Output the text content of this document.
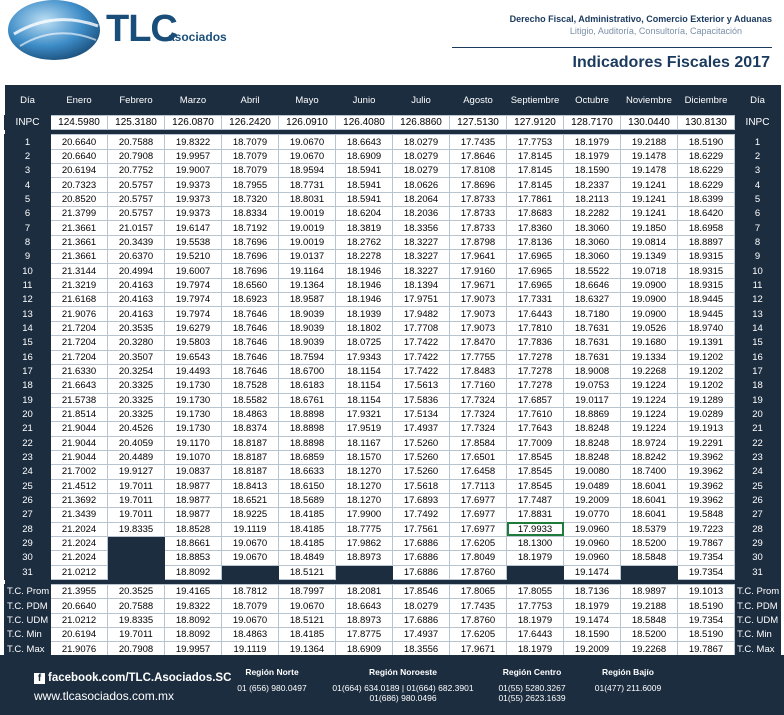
TLC
asociados
Derecho Fiscal, Administrativo, Comercio Exterior y Aduanas
Litigio, Auditoría, Consultoría, Capacitación
Indicadores Fiscales 2017
Día	Enero	Febrero	Marzo	Abril	Mayo	Junio	Julio	Agosto	Septiembre	Octubre	Noviembre	Diciembre	Día
INPC	124.5980	125.3180	126.0870	126.2420	126.0910	126.4080	126.8860	127.5130	127.9120	128.7170	130.0440	130.8130	INPC

1	20.6640	20.7588	19.8322	18.7079	19.0670	18.6643	18.0279	17.7435	17.7753	18.1979	19.2188	18.5190	1
2	20.6640	20.7908	19.9957	18.7079	19.0670	18.6909	18.0279	17.8646	17.8145	18.1979	19.1478	18.6229	2
3	20.6194	20.7752	19.9007	18.7079	18.9594	18.5941	18.0279	17.8108	17.8145	18.1590	19.1478	18.6229	3
4	20.7323	20.5757	19.9373	18.7955	18.7731	18.5941	18.0626	17.8696	17.8145	18.2337	19.1241	18.6229	4
5	20.8520	20.5757	19.9373	18.7320	18.8031	18.5941	18.2064	17.8733	17.7861	18.2113	19.1241	18.6399	5
6	21.3799	20.5757	19.9373	18.8334	19.0019	18.6204	18.2036	17.8733	17.8683	18.2282	19.1241	18.6420	6
7	21.3661	21.0157	19.6147	18.7192	19.0019	18.3819	18.3356	17.8733	17.8360	18.3060	19.1850	18.6958	7
8	21.3661	20.3439	19.5538	18.7696	19.0019	18.2762	18.3227	17.8798	17.8136	18.3060	19.0814	18.8897	8
9	21.3661	20.6370	19.5210	18.7696	19.0137	18.2278	18.3227	17.9641	17.6965	18.3060	19.1349	18.9315	9
10	21.3144	20.4994	19.6007	18.7696	19.1164	18.1946	18.3227	17.9160	17.6965	18.5522	19.0718	18.9315	10
11	21.3219	20.4163	19.7974	18.6560	19.1364	18.1946	18.1394	17.9671	17.6965	18.6646	19.0900	18.9315	11
12	21.6168	20.4163	19.7974	18.6923	18.9587	18.1946	17.9751	17.9073	17.7331	18.6327	19.0900	18.9445	12
13	21.9076	20.4163	19.7974	18.7646	18.9039	18.1939	17.9482	17.9073	17.6443	18.7180	19.0900	18.9445	13
14	21.7204	20.3535	19.6279	18.7646	18.9039	18.1802	17.7708	17.9073	17.7810	18.7631	19.0526	18.9740	14
15	21.7204	20.3280	19.5803	18.7646	18.9039	18.0725	17.7422	17.8470	17.7836	18.7631	19.1680	19.1391	15
16	21.7204	20.3507	19.6543	18.7646	18.7594	17.9343	17.7422	17.7755	17.7278	18.7631	19.1334	19.1202	16
17	21.6330	20.3254	19.4493	18.7646	18.6700	18.1154	17.7422	17.8483	17.7278	18.9008	19.2268	19.1202	17
18	21.6643	20.3325	19.1730	18.7528	18.6183	18.1154	17.5613	17.7160	17.7278	19.0753	19.1224	19.1202	18
19	21.5738	20.3325	19.1730	18.5582	18.6761	18.1154	17.5836	17.7324	17.6857	19.0117	19.1224	19.1289	19
20	21.8514	20.3325	19.1730	18.4863	18.8898	17.9321	17.5134	17.7324	17.7610	18.8869	19.1224	19.0289	20
21	21.9044	20.4526	19.1730	18.8374	18.8898	17.9519	17.4937	17.7324	17.7643	18.8248	19.1224	19.1913	21
22	21.9044	20.4059	19.1170	18.8187	18.8898	18.1167	17.5260	17.8584	17.7009	18.8248	18.9724	19.2291	22
23	21.9044	20.4489	19.1070	18.8187	18.6859	18.1570	17.5260	17.6501	17.8545	18.8248	18.8242	19.3962	23
24	21.7002	19.9127	19.0837	18.8187	18.6633	18.1270	17.5260	17.6458	17.8545	19.0080	18.7400	19.3962	24
25	21.4512	19.7011	18.9877	18.8413	18.6150	18.1270	17.5618	17.7113	17.8545	19.0489	18.6041	19.3962	25
26	21.3692	19.7011	18.9877	18.6521	18.5689	18.1270	17.6893	17.6977	17.7487	19.2009	18.6041	19.3962	26
27	21.3439	19.7011	18.9877	18.9225	18.4185	17.9900	17.7492	17.6977	17.8831	19.0770	18.6041	19.5848	27
28	21.2024	19.8335	18.8528	19.1119	18.4185	18.7775	17.7561	17.6977	17.9933	19.0960	18.5379	19.7223	28
29	21.2024		18.8661	19.0670	18.4185	17.9862	17.6886	17.6205	18.1300	19.0960	18.5200	19.7867	29
30	21.2024		18.8853	19.0670	18.4849	18.8973	17.6886	17.8049	18.1979	19.0960	18.5848	19.7354	30
31	21.0212		18.8092		18.5121		17.6886	17.8760		19.1474		19.7354	31

T.C. Prom	21.3955	20.3525	19.4165	18.7812	18.7997	18.2081	17.8546	17.8065	17.8055	18.7136	18.9897	19.1013	T.C. Prom
T.C. PDM	20.6640	20.7588	19.8322	18.7079	19.0670	18.6643	18.0279	17.7435	17.7753	18.1979	19.2188	18.5190	T.C. PDM
T.C. UDM	21.0212	19.8335	18.8092	19.0670	18.5121	18.8973	17.6886	17.8760	18.1979	19.1474	18.5848	19.7354	T.C. UDM
T.C. Min	20.6194	19.7011	18.8092	18.4863	18.4185	17.8775	17.4937	17.6205	17.6443	18.1590	18.5200	18.5190	T.C. Min
T.C. Max	21.9076	20.7908	19.9957	19.1119	19.1364	18.6909	18.3556	17.9671	18.1979	19.2009	19.2268	19.7867	T.C. Max

f facebook.com/TLC.Asociados.SC
www.tlcasociados.com.mx
Región Norte
01 (656) 980.0497
Región Noroeste
01(664) 634.0189 | 01(664) 682.3901
01(686) 980.0496
Región Centro
01(55) 5280.3267
01(55) 2623.1639
Región Bajío
01(477) 211.6009
